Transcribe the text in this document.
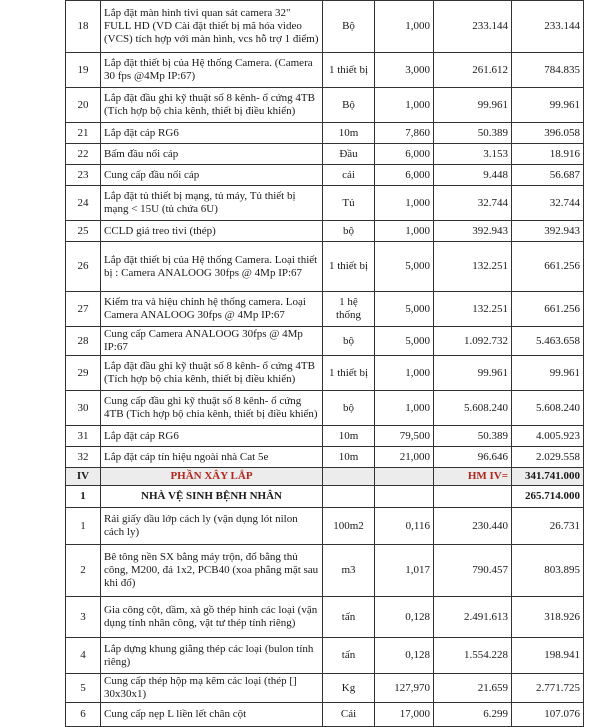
18	Lắp đặt màn hình tivi quan sát camera 32" FULL HD (VD Cài đặt thiết bị mã hóa video (VCS) tích hợp với màn hình, vcs hỗ trợ 1 điểm)	Bộ	1,000	233.144	233.144
19	Lắp đặt thiết bị của Hệ thống Camera. (Camera 30 fps @4Mp IP:67)	1 thiết bị	3,000	261.612	784.835
20	Lắp đặt đầu ghi kỹ thuật số 8 kênh- ổ cứng 4TB (Tích hợp bộ chia kênh, thiết bị điều khiển)	Bộ	1,000	99.961	99.961
21	Lắp đặt cáp RG6	10m	7,860	50.389	396.058
22	Bấm đầu nối cáp	Đầu	6,000	3.153	18.916
23	Cung cấp đầu nối cáp	cái	6,000	9.448	56.687
24	Lắp đặt tủ thiết bị mạng, tủ máy, Tủ thiết bị mạng < 15U (tủ chứa 6U)	Tủ	1,000	32.744	32.744
25	CCLD giá treo tivi (thép)	bộ	1,000	392.943	392.943
26	Lắp đặt thiết bị của Hệ thống Camera. Loại thiết bị : Camera ANALOOG 30fps @ 4Mp IP:67	1 thiết bị	5,000	132.251	661.256
27	Kiểm tra và hiệu chỉnh hệ thống camera. Loại Camera ANALOOG 30fps @ 4Mp IP:67	1 hệ thống	5,000	132.251	661.256
28	Cung cấp Camera ANALOOG 30fps @ 4Mp IP:67	bộ	5,000	1.092.732	5.463.658
29	Lắp đặt đầu ghi kỹ thuật số 8 kênh- ổ cứng 4TB (Tích hợp bộ chia kênh, thiết bị điều khiển)	1 thiết bị	1,000	99.961	99.961
30	Cung cấp đầu ghi kỹ thuật số 8 kênh- ổ cứng 4TB (Tích hợp bộ chia kênh, thiết bị điều khiển)	bộ	1,000	5.608.240	5.608.240
31	Lắp đặt cáp RG6	10m	79,500	50.389	4.005.923
32	Lắp đặt cáp tín hiệu ngoài nhà Cat 5e	10m	21,000	96.646	2.029.558
IV	PHẦN XÂY LẮP			HM IV=	341.741.000
1	NHÀ VỆ SINH BỆNH NHÂN				265.714.000
1	Rải giấy dầu lớp cách ly (vận dụng lót nilon cách ly)	100m2	0,116	230.440	26.731
2	Bê tông nền SX bằng máy trộn, đổ bằng thủ công, M200, đá 1x2, PCB40 (xoa phẳng mặt sau khi đổ)	m3	1,017	790.457	803.895
3	Gia công cột, dầm, xà gồ thép hình các loại (vận dụng tính nhân công, vật tư thép tính riêng)	tấn	0,128	2.491.613	318.926
4	Lắp dựng khung giằng thép các loại (bulon tính riêng)	tấn	0,128	1.554.228	198.941
5	Cung cấp thép hộp mạ kẽm các loại (thép [] 30x30x1)	Kg	127,970	21.659	2.771.725
6	Cung cấp nẹp L liền lết chân cột	Cái	17,000	6.299	107.076
